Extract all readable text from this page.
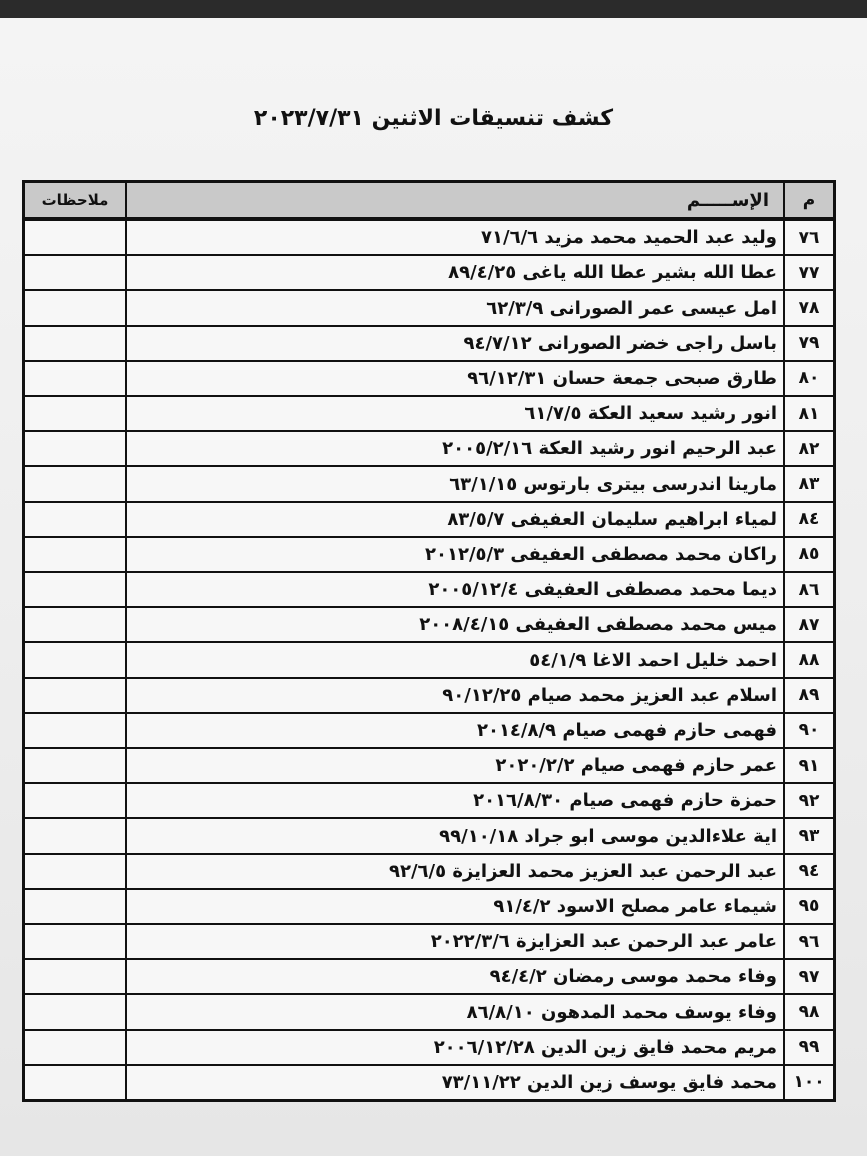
كشف تنسيقات الاثنين ٢٠٢٣/٧/٣١
م
الإســـــم
ملاحظات
٧٦
وليد عبد الحميد محمد مزيد ٧١/٦/٦
٧٧
عطا الله بشير عطا الله ياغى ٨٩/٤/٢٥
٧٨
امل عيسى عمر الصورانى ٦٢/٣/٩
٧٩
باسل راجى خضر الصورانى ٩٤/٧/١٢
٨٠
طارق صبحى جمعة حسان ٩٦/١٢/٣١
٨١
انور رشيد سعيد العكة ٦١/٧/٥
٨٢
عبد الرحيم انور رشيد العكة ٢٠٠٥/٢/١٦
٨٣
مارينا اندرسى بيترى بارتوس ٦٣/١/١٥
٨٤
لمياء ابراهيم سليمان العفيفى ٨٣/٥/٧
٨٥
راكان محمد مصطفى العفيفى ٢٠١٢/٥/٣
٨٦
ديما محمد مصطفى العفيفى ٢٠٠٥/١٢/٤
٨٧
ميس محمد مصطفى العفيفى ٢٠٠٨/٤/١٥
٨٨
احمد خليل احمد الاغا ٥٤/١/٩
٨٩
اسلام عبد العزيز محمد صيام ٩٠/١٢/٢٥
٩٠
فهمى حازم فهمى صيام ٢٠١٤/٨/٩
٩١
عمر حازم فهمى صيام ٢٠٢٠/٢/٢
٩٢
حمزة حازم فهمى صيام ٢٠١٦/٨/٣٠
٩٣
اية علاءالدين موسى ابو جراد ٩٩/١٠/١٨
٩٤
عبد الرحمن عبد العزيز محمد العزايزة ٩٢/٦/٥
٩٥
شيماء عامر مصلح الاسود ٩١/٤/٢
٩٦
عامر عبد الرحمن عبد العزايزة ٢٠٢٢/٣/٦
٩٧
وفاء محمد موسى رمضان ٩٤/٤/٢
٩٨
وفاء يوسف محمد المدهون ٨٦/٨/١٠
٩٩
مريم محمد فايق زين الدين ٢٠٠٦/١٢/٢٨
١٠٠
محمد فايق يوسف زين الدين ٧٣/١١/٢٢
